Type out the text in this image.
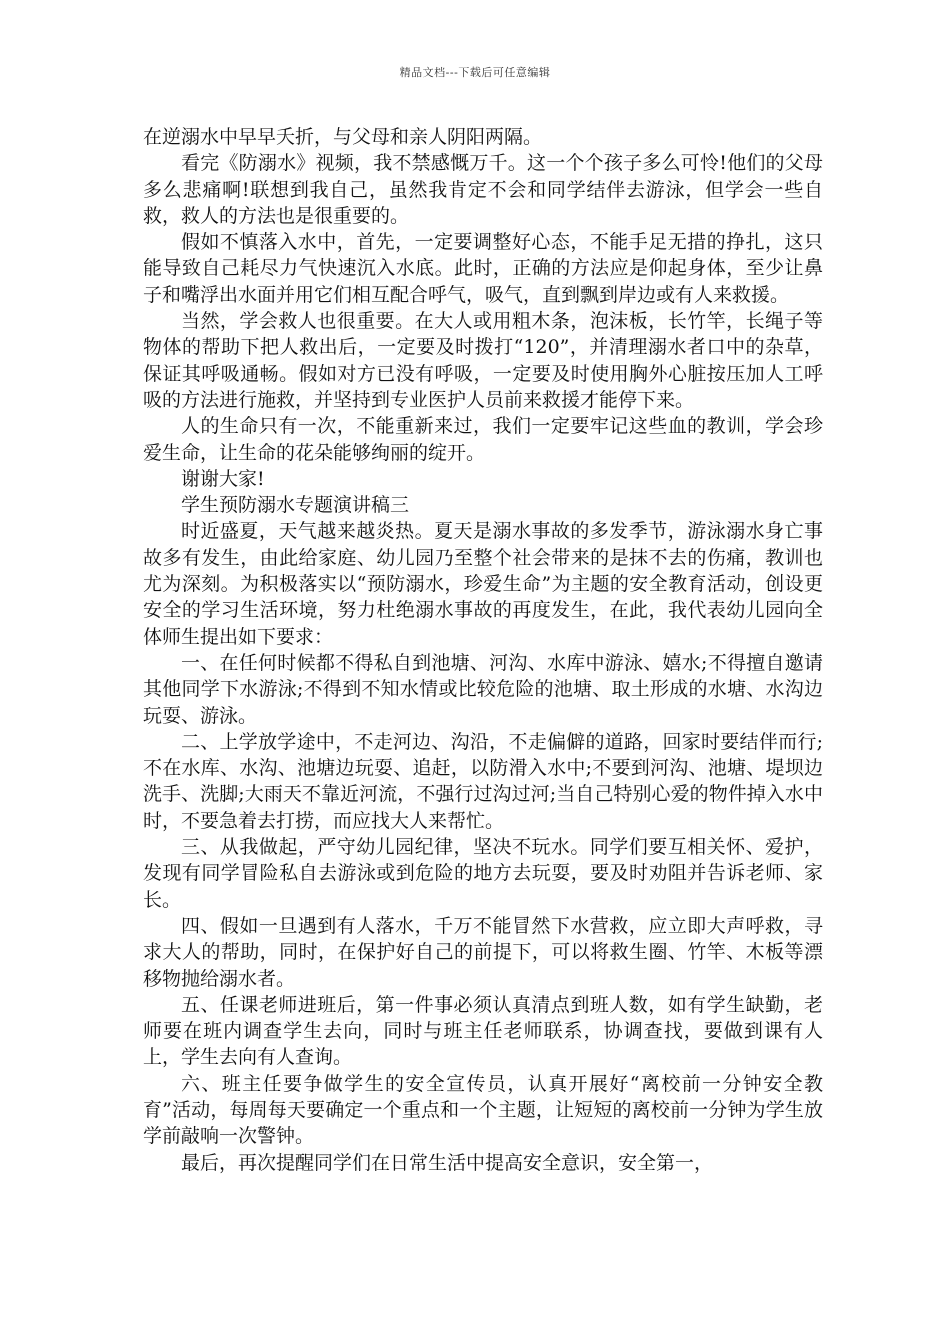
精品文档---下载后可任意编辑

在逆溺水中早早夭折，与父母和亲人阴阳两隔。

看完《防溺水》视频，我不禁感慨万千。这一个个孩子多么可怜!他们的父母多么悲痛啊!联想到我自己，虽然我肯定不会和同学结伴去游泳，但学会一些自救，救人的方法也是很重要的。

假如不慎落入水中，首先，一定要调整好心态，不能手足无措的挣扎，这只能导致自己耗尽力气快速沉入水底。此时，正确的方法应是仰起身体，至少让鼻子和嘴浮出水面并用它们相互配合呼气，吸气，直到飘到岸边或有人来救援。

当然，学会救人也很重要。在大人或用粗木条，泡沫板，长竹竿，长绳子等物体的帮助下把人救出后，一定要及时拨打“120”，并清理溺水者口中的杂草，保证其呼吸通畅。假如对方已没有呼吸，一定要及时使用胸外心脏按压加人工呼吸的方法进行施救，并坚持到专业医护人员前来救援才能停下来。

人的生命只有一次，不能重新来过，我们一定要牢记这些血的教训，学会珍爱生命，让生命的花朵能够绚丽的绽开。

谢谢大家!

学生预防溺水专题演讲稿三

时近盛夏，天气越来越炎热。夏天是溺水事故的多发季节，游泳溺水身亡事故多有发生，由此给家庭、幼儿园乃至整个社会带来的是抹不去的伤痛，教训也尤为深刻。为积极落实以“预防溺水，珍爱生命”为主题的安全教育活动，创设更安全的学习生活环境，努力杜绝溺水事故的再度发生，在此，我代表幼儿园向全体师生提出如下要求：

一、在任何时候都不得私自到池塘、河沟、水库中游泳、嬉水;不得擅自邀请其他同学下水游泳;不得到不知水情或比较危险的池塘、取土形成的水塘、水沟边玩耍、游泳。

二、上学放学途中，不走河边、沟沿，不走偏僻的道路，回家时要结伴而行;不在水库、水沟、池塘边玩耍、追赶，以防滑入水中;不要到河沟、池塘、堤坝边洗手、洗脚;大雨天不靠近河流，不强行过沟过河;当自己特别心爱的物件掉入水中时，不要急着去打捞，而应找大人来帮忙。

三、从我做起，严守幼儿园纪律，坚决不玩水。同学们要互相关怀、爱护，发现有同学冒险私自去游泳或到危险的地方去玩耍，要及时劝阻并告诉老师、家长。

四、假如一旦遇到有人落水，千万不能冒然下水营救，应立即大声呼救，寻求大人的帮助，同时，在保护好自己的前提下，可以将救生圈、竹竿、木板等漂移物抛给溺水者。

五、任课老师进班后，第一件事必须认真清点到班人数，如有学生缺勤，老师要在班内调查学生去向，同时与班主任老师联系，协调查找，要做到课有人上，学生去向有人查询。

六、班主任要争做学生的安全宣传员，认真开展好“离校前一分钟安全教育”活动，每周每天要确定一个重点和一个主题，让短短的离校前一分钟为学生放学前敲响一次警钟。

最后，再次提醒同学们在日常生活中提高安全意识，安全第一，
